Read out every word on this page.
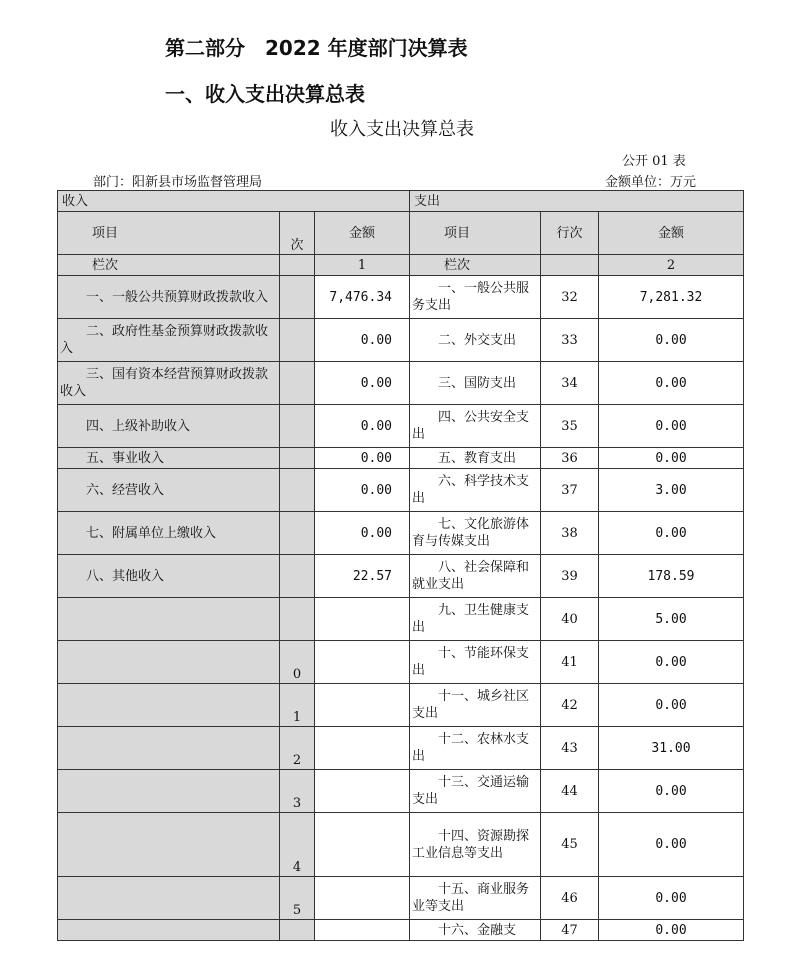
第二部分　2022 年度部门决算表
一、收入支出决算总表
收入支出决算总表
公开 01 表
部门：阳新县市场监督管理局	金额单位：万元
收入			支出		
项目	次	金额	项目	行次	金额
栏次		1	栏次		2
一、一般公共预算财政拨款收入		7,476.34	一、一般公共服务支出	32	7,281.32
二、政府性基金预算财政拨款收入		0.00	二、外交支出	33	0.00
三、国有资本经营预算财政拨款收入		0.00	三、国防支出	34	0.00
四、上级补助收入		0.00	四、公共安全支出	35	0.00
五、事业收入		0.00	五、教育支出	36	0.00
六、经营收入		0.00	六、科学技术支出	37	3.00
七、附属单位上缴收入		0.00	七、文化旅游体育与传媒支出	38	0.00
八、其他收入		22.57	八、社会保障和就业支出	39	178.59
			九、卫生健康支出	40	5.00
	0		十、节能环保支出	41	0.00
	1		十一、城乡社区支出	42	0.00
	2		十二、农林水支出	43	31.00
	3		十三、交通运输支出	44	0.00
	4		十四、资源勘探工业信息等支出	45	0.00
	5		十五、商业服务业等支出	46	0.00
			十六、金融支	47	0.00
